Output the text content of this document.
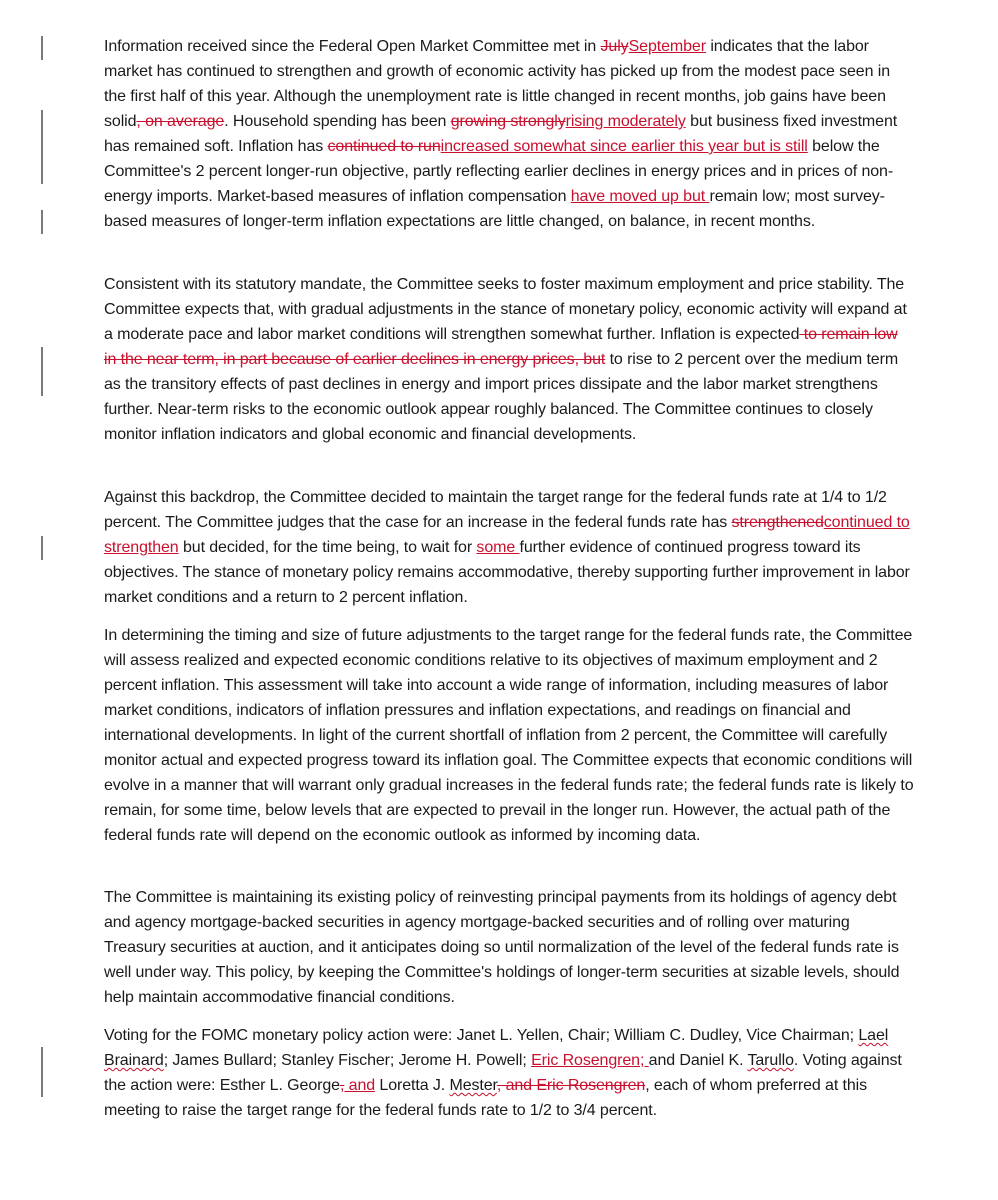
Information received since the Federal Open Market Committee met in JulySeptember indicates that the labor market has continued to strengthen and growth of economic activity has picked up from the modest pace seen in the first half of this year. Although the unemployment rate is little changed in recent months, job gains have been solid, on average. Household spending has been growing stronglyrising moderately but business fixed investment has remained soft. Inflation has continued to runincreased somewhat since earlier this year but is still below the Committee's 2 percent longer-run objective, partly reflecting earlier declines in energy prices and in prices of non-energy imports. Market-based measures of inflation compensation have moved up but remain low; most survey-based measures of longer-term inflation expectations are little changed, on balance, in recent months.

Consistent with its statutory mandate, the Committee seeks to foster maximum employment and price stability. The Committee expects that, with gradual adjustments in the stance of monetary policy, economic activity will expand at a moderate pace and labor market conditions will strengthen somewhat further. Inflation is expected to remain low in the near term, in part because of earlier declines in energy prices, but to rise to 2 percent over the medium term as the transitory effects of past declines in energy and import prices dissipate and the labor market strengthens further. Near-term risks to the economic outlook appear roughly balanced. The Committee continues to closely monitor inflation indicators and global economic and financial developments.

Against this backdrop, the Committee decided to maintain the target range for the federal funds rate at 1/4 to 1/2 percent. The Committee judges that the case for an increase in the federal funds rate has strengthenedcontinued to strengthen but decided, for the time being, to wait for some further evidence of continued progress toward its objectives. The stance of monetary policy remains accommodative, thereby supporting further improvement in labor market conditions and a return to 2 percent inflation.

In determining the timing and size of future adjustments to the target range for the federal funds rate, the Committee will assess realized and expected economic conditions relative to its objectives of maximum employment and 2 percent inflation. This assessment will take into account a wide range of information, including measures of labor market conditions, indicators of inflation pressures and inflation expectations, and readings on financial and international developments. In light of the current shortfall of inflation from 2 percent, the Committee will carefully monitor actual and expected progress toward its inflation goal. The Committee expects that economic conditions will evolve in a manner that will warrant only gradual increases in the federal funds rate; the federal funds rate is likely to remain, for some time, below levels that are expected to prevail in the longer run. However, the actual path of the federal funds rate will depend on the economic outlook as informed by incoming data.

The Committee is maintaining its existing policy of reinvesting principal payments from its holdings of agency debt and agency mortgage-backed securities in agency mortgage-backed securities and of rolling over maturing Treasury securities at auction, and it anticipates doing so until normalization of the level of the federal funds rate is well under way. This policy, by keeping the Committee's holdings of longer-term securities at sizable levels, should help maintain accommodative financial conditions.

Voting for the FOMC monetary policy action were: Janet L. Yellen, Chair; William C. Dudley, Vice Chairman; Lael Brainard; James Bullard; Stanley Fischer; Jerome H. Powell; Eric Rosengren; and Daniel K. Tarullo. Voting against the action were: Esther L. George, and Loretta J. Mester, and Eric Rosengren, each of whom preferred at this meeting to raise the target range for the federal funds rate to 1/2 to 3/4 percent.
